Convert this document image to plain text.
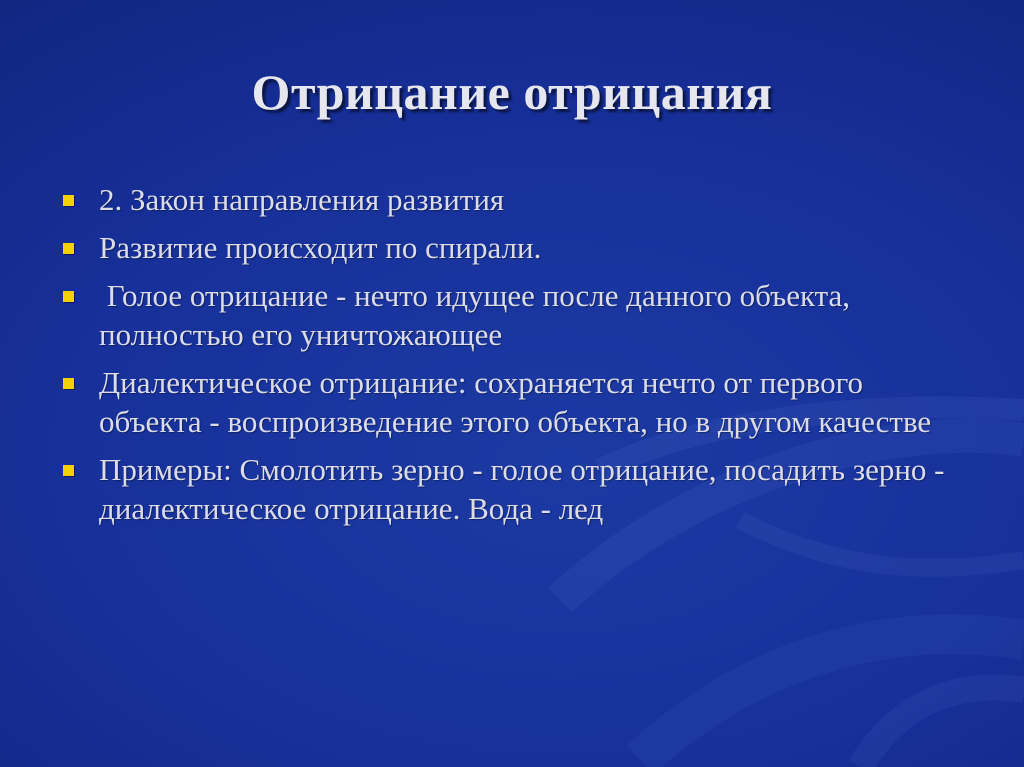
Отрицание отрицания
2. Закон направления развития
Развитие происходит по спирали.
Голое отрицание - нечто идущее после данного объекта, полностью его уничтожающее
Диалектическое отрицание: сохраняется нечто от первого объекта - воспроизведение этого объекта, но в другом качестве
Примеры: Смолотить зерно - голое отрицание, посадить зерно - диалектическое отрицание. Вода - лед
